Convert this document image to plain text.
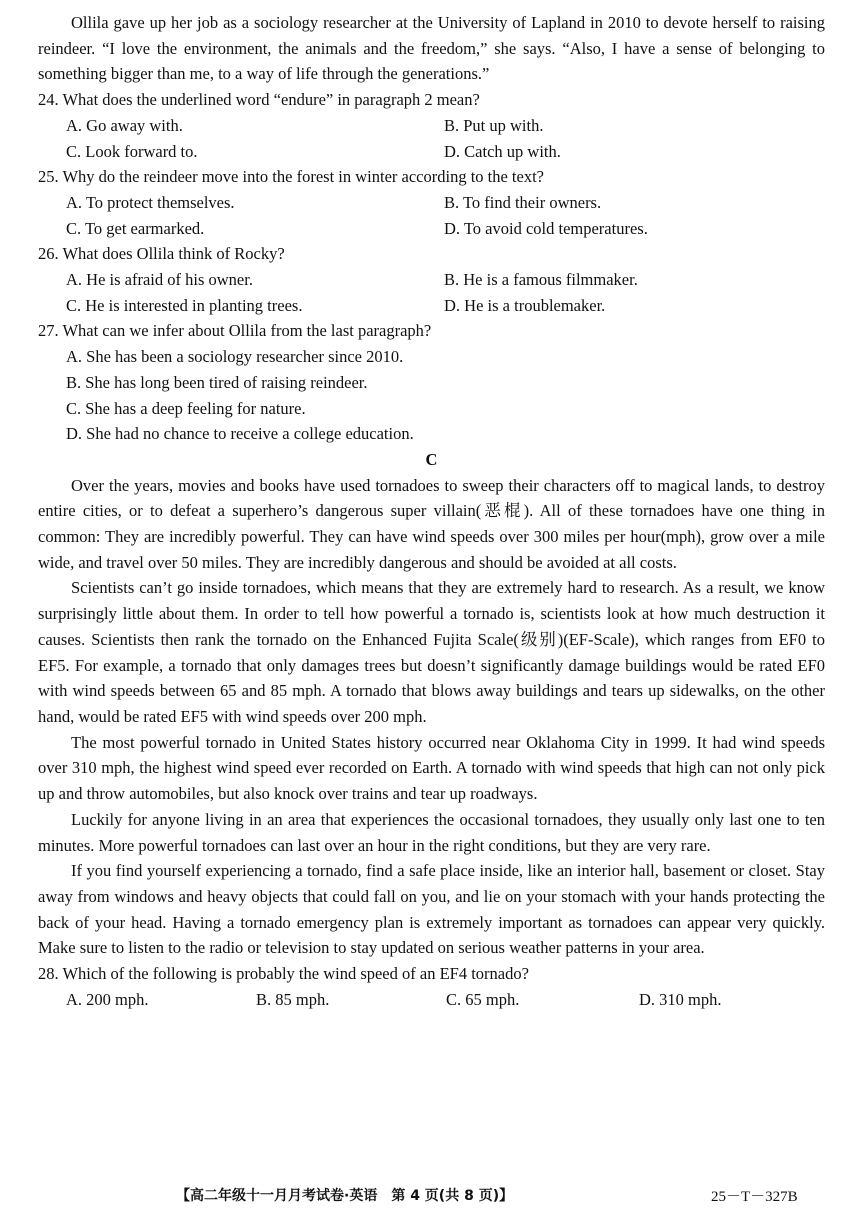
Ollila gave up her job as a sociology researcher at the University of Lapland in 2010 to devote herself to raising reindeer. “I love the environment, the animals and the freedom,” she says. “Also, I have a sense of belonging to something bigger than me, to a way of life through the generations.”

24. What does the underlined word “endure” in paragraph 2 mean?

A. Go away with.	B. Put up with.
C. Look forward to.	D. Catch up with.

25. Why do the reindeer move into the forest in winter according to the text?

A. To protect themselves.	B. To find their owners.
C. To get earmarked.	D. To avoid cold temperatures.

26. What does Ollila think of Rocky?

A. He is afraid of his owner.	B. He is a famous filmmaker.
C. He is interested in planting trees.	D. He is a troublemaker.

27. What can we infer about Ollila from the last paragraph?

A. She has been a sociology researcher since 2010.
B. She has long been tired of raising reindeer.
C. She has a deep feeling for nature.
D. She had no chance to receive a college education.

C

Over the years, movies and books have used tornadoes to sweep their characters off to magical lands, to destroy entire cities, or to defeat a superhero’s dangerous super villain(恶棍). All of these tornadoes have one thing in common: They are incredibly powerful. They can have wind speeds over 300 miles per hour(mph), grow over a mile wide, and travel over 50 miles. They are incredibly dangerous and should be avoided at all costs.

Scientists can’t go inside tornadoes, which means that they are extremely hard to research. As a result, we know surprisingly little about them. In order to tell how powerful a tornado is, scientists look at how much destruction it causes. Scientists then rank the tornado on the Enhanced Fujita Scale(级别)(EF-Scale), which ranges from EF0 to EF5. For example, a tornado that only damages trees but doesn’t significantly damage buildings would be rated EF0 with wind speeds between 65 and 85 mph. A tornado that blows away buildings and tears up sidewalks, on the other hand, would be rated EF5 with wind speeds over 200 mph.

The most powerful tornado in United States history occurred near Oklahoma City in 1999. It had wind speeds over 310 mph, the highest wind speed ever recorded on Earth. A tornado with wind speeds that high can not only pick up and throw automobiles, but also knock over trains and tear up roadways.

Luckily for anyone living in an area that experiences the occasional tornadoes, they usually only last one to ten minutes. More powerful tornadoes can last over an hour in the right conditions, but they are very rare.

If you find yourself experiencing a tornado, find a safe place inside, like an interior hall, basement or closet. Stay away from windows and heavy objects that could fall on you, and lie on your stomach with your hands protecting the back of your head. Having a tornado emergency plan is extremely important as tornadoes can appear very quickly. Make sure to listen to the radio or television to stay updated on serious weather patterns in your area.

28. Which of the following is probably the wind speed of an EF4 tornado?

A. 200 mph.	B. 85 mph.	C. 65 mph.	D. 310 mph.
【高二年级十一月月考试卷·英语　第 4 页(共 8 页)】	25－T－327B
